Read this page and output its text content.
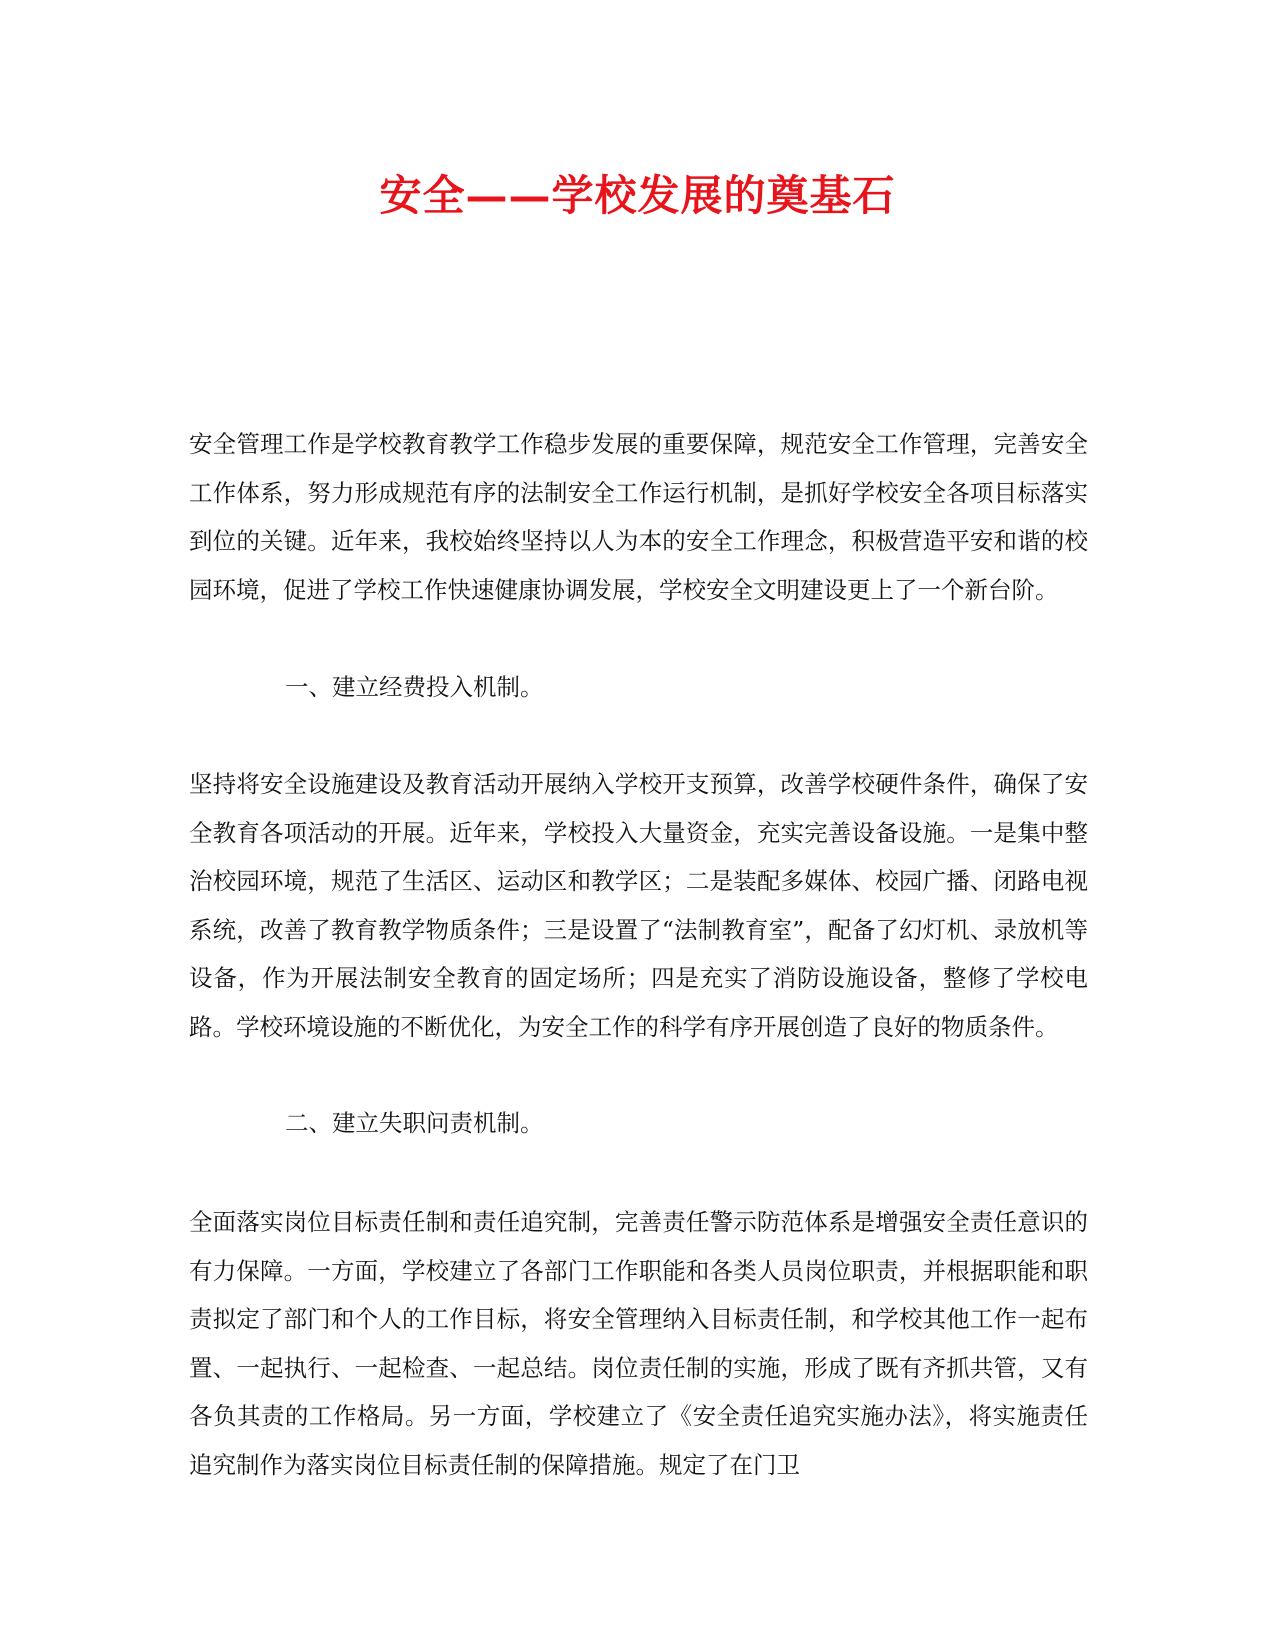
安全——学校发展的奠基石

安全管理工作是学校教育教学工作稳步发展的重要保障，规范安全工作管理，完善安全工作体系，努力形成规范有序的法制安全工作运行机制，是抓好学校安全各项目标落实到位的关键。近年来，我校始终坚持以人为本的安全工作理念，积极营造平安和谐的校园环境，促进了学校工作快速健康协调发展，学校安全文明建设更上了一个新台阶。

一、建立经费投入机制。

坚持将安全设施建设及教育活动开展纳入学校开支预算，改善学校硬件条件，确保了安全教育各项活动的开展。近年来，学校投入大量资金，充实完善设备设施。一是集中整治校园环境，规范了生活区、运动区和教学区；二是装配多媒体、校园广播、闭路电视系统，改善了教育教学物质条件；三是设置了“法制教育室”，配备了幻灯机、录放机等设备，作为开展法制安全教育的固定场所；四是充实了消防设施设备，整修了学校电路。学校环境设施的不断优化，为安全工作的科学有序开展创造了良好的物质条件。

二、建立失职问责机制。

全面落实岗位目标责任制和责任追究制，完善责任警示防范体系是增强安全责任意识的有力保障。一方面，学校建立了各部门工作职能和各类人员岗位职责，并根据职能和职责拟定了部门和个人的工作目标，将安全管理纳入目标责任制，和学校其他工作一起布置、一起执行、一起检查、一起总结。岗位责任制的实施，形成了既有齐抓共管，又有各负其责的工作格局。另一方面，学校建立了《安全责任追究实施办法》，将实施责任追究制作为落实岗位目标责任制的保障措施。规定了在门卫
